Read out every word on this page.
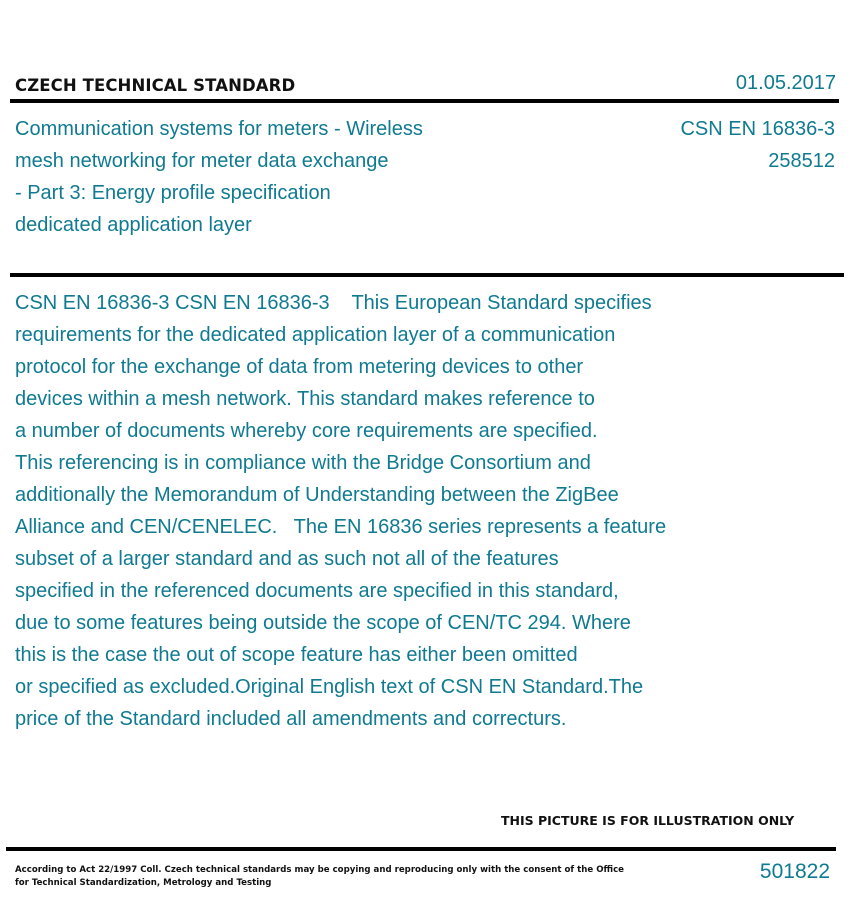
CZECH TECHNICAL STANDARD	01.05.2017
Communication systems for meters - Wireless
mesh networking for meter data exchange
- Part 3: Energy profile specification
dedicated application layer
CSN EN 16836-3
258512
CSN EN 16836-3 CSN EN 16836-3    This European Standard specifies
requirements for the dedicated application layer of a communication
protocol for the exchange of data from metering devices to other
devices within a mesh network. This standard makes reference to
a number of documents whereby core requirements are specified.
This referencing is in compliance with the Bridge Consortium and
additionally the Memorandum of Understanding between the ZigBee
Alliance and CEN/CENELEC.   The EN 16836 series represents a feature
subset of a larger standard and as such not all of the features
specified in the referenced documents are specified in this standard,
due to some features being outside the scope of CEN/TC 294. Where
this is the case the out of scope feature has either been omitted
or specified as excluded.Original English text of CSN EN Standard.The
price of the Standard included all amendments and correcturs.
THIS PICTURE IS FOR ILLUSTRATION ONLY
According to Act 22/1997 Coll. Czech technical standards may be copying and reproducing only with the consent of the Office
for Technical Standardization, Metrology and Testing	501822
